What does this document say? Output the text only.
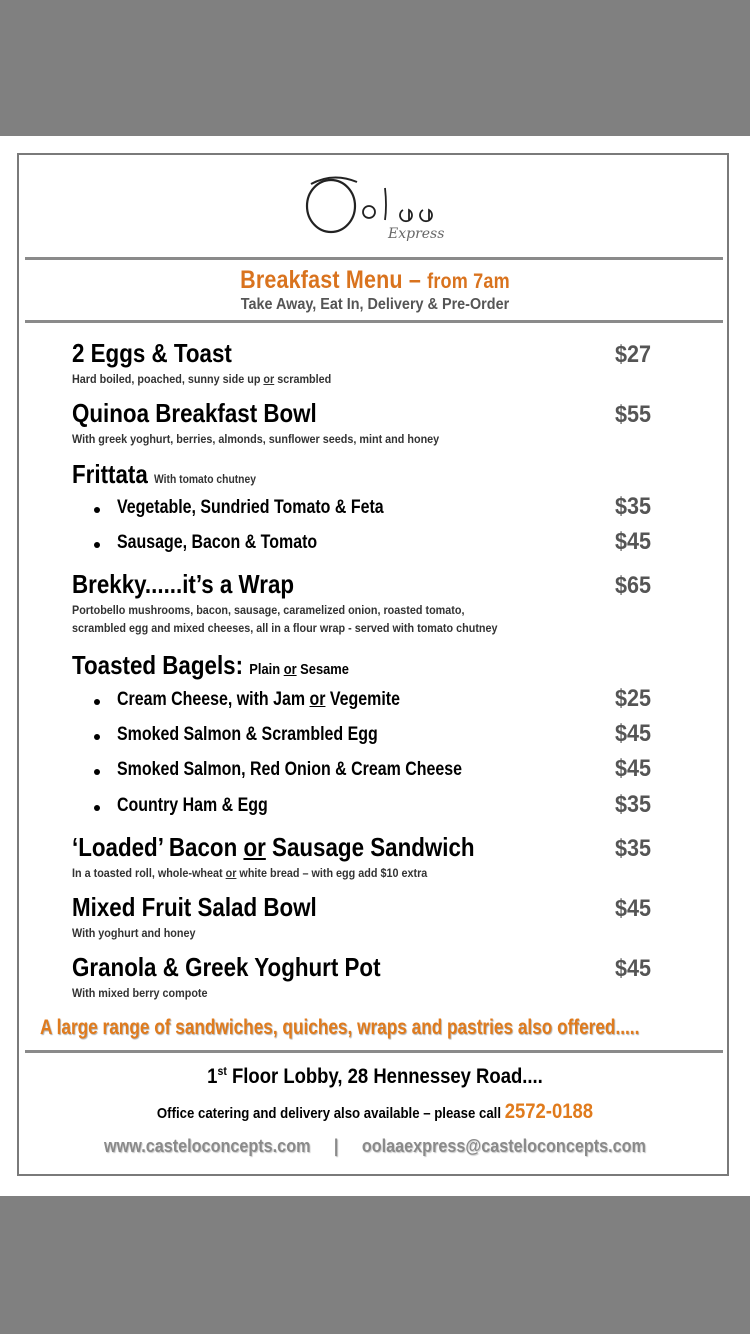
Express
Breakfast Menu – from 7am
Take Away, Eat In, Delivery & Pre-Order
2 Eggs & Toast	$27
Hard boiled, poached, sunny side up or scrambled
Quinoa Breakfast Bowl	$55
With greek yoghurt, berries, almonds, sunflower seeds, mint and honey
Frittata With tomato chutney
Vegetable, Sundried Tomato & Feta	$35
Sausage, Bacon & Tomato	$45
Brekky......it’s a Wrap	$65
Portobello mushrooms, bacon, sausage, caramelized onion, roasted tomato,
scrambled egg and mixed cheeses, all in a flour wrap - served with tomato chutney
Toasted Bagels: Plain or Sesame
Cream Cheese, with Jam or Vegemite	$25
Smoked Salmon & Scrambled Egg	$45
Smoked Salmon, Red Onion & Cream Cheese	$45
Country Ham & Egg	$35
‘Loaded’ Bacon or Sausage Sandwich	$35
In a toasted roll, whole-wheat or white bread – with egg add $10 extra
Mixed Fruit Salad Bowl	$45
With yoghurt and honey
Granola & Greek Yoghurt Pot	$45
With mixed berry compote
A large range of sandwiches, quiches, wraps and pastries also offered.....
1st Floor Lobby, 28 Hennessey Road....
Office catering and delivery also available – please call 2572-0188
www.casteloconcepts.com | oolaaexpress@casteloconcepts.com
